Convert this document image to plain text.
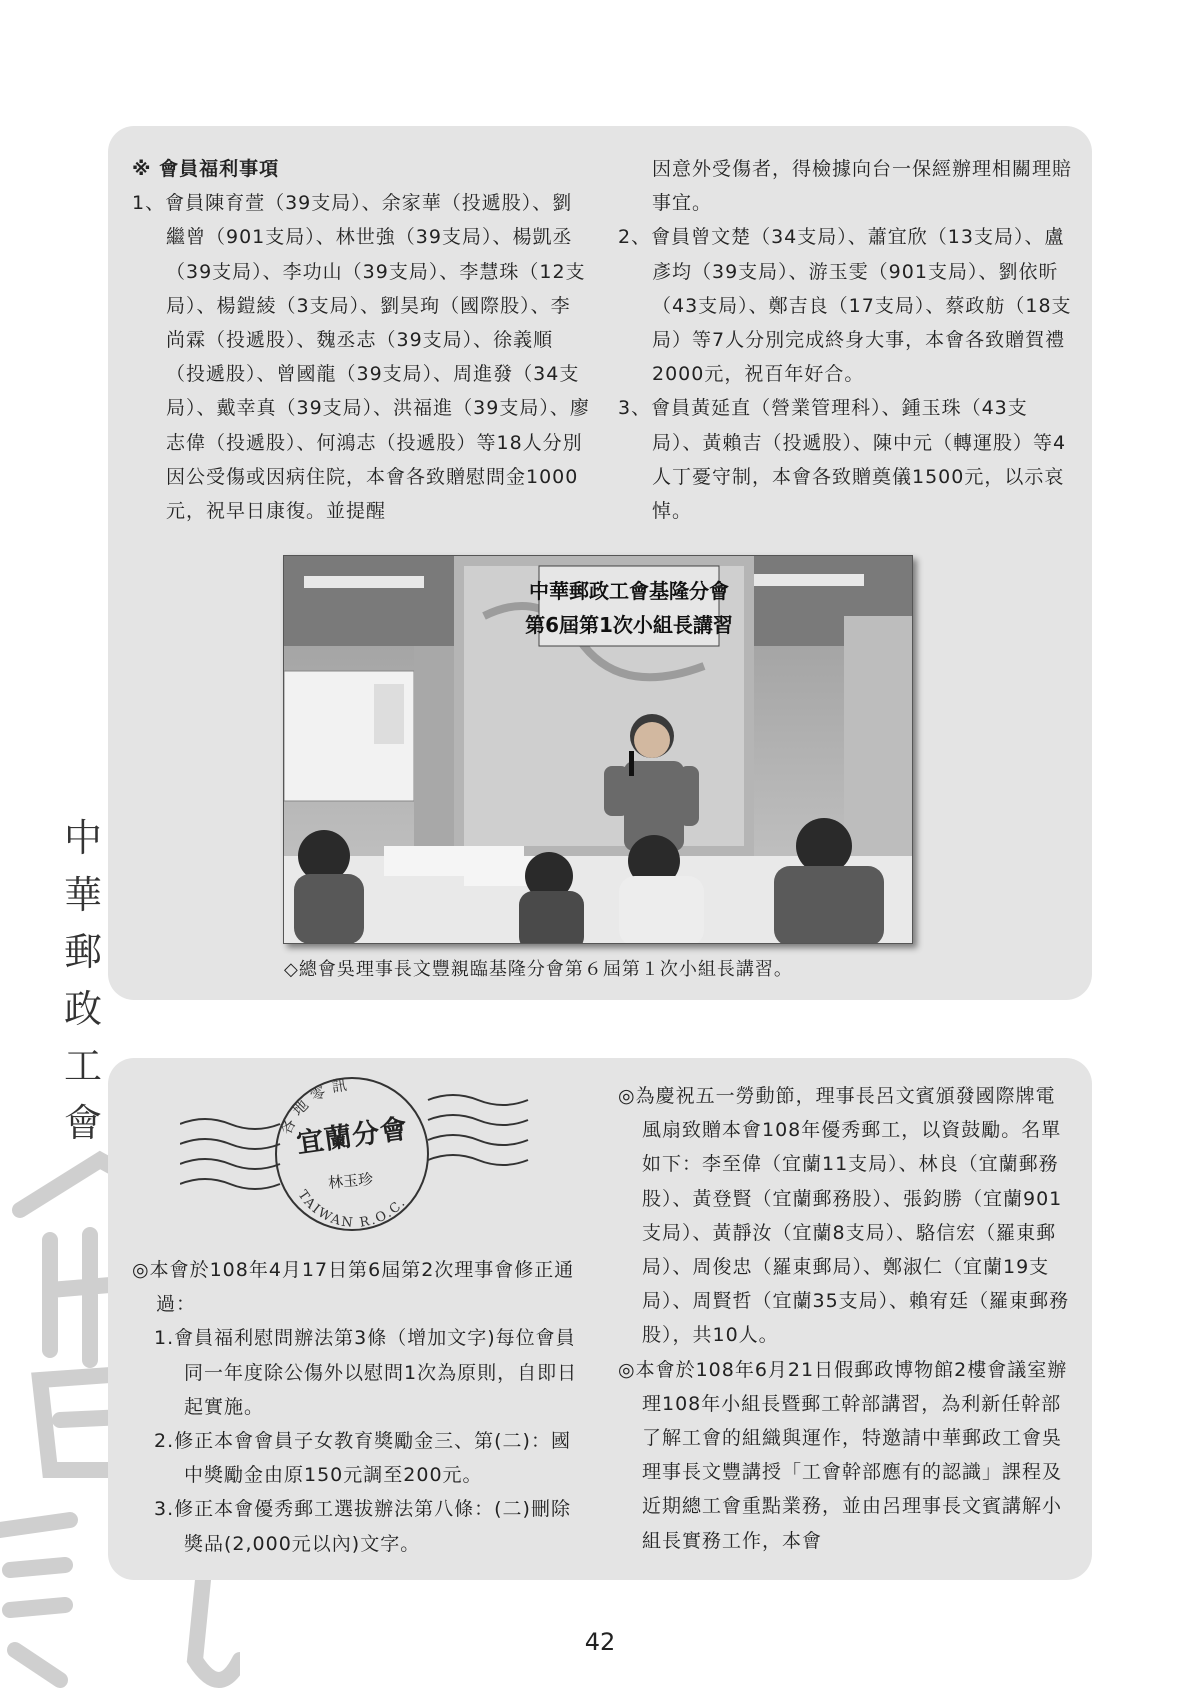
中
華
郵
政
工
會

※ 會員福利事項

1、會員陳育萱（39支局）、余家華（投遞股）、劉繼曾（901支局）、林世強（39支局）、楊凱丞（39支局）、李功山（39支局）、李慧珠（12支局）、楊鎧綾（3支局）、劉昊珣（國際股）、李尚霖（投遞股）、魏丞志（39支局）、徐義順（投遞股）、曾國龍（39支局）、周進發（34支局）、戴幸真（39支局）、洪福進（39支局）、廖志偉（投遞股）、何鴻志（投遞股）等18人分別因公受傷或因病住院，本會各致贈慰問金1000元，祝早日康復。並提醒

因意外受傷者，得檢據向台一保經辦理相關理賠事宜。

2、會員曾文楚（34支局）、蕭宜欣（13支局）、盧彥均（39支局）、游玉雯（901支局）、劉依昕（43支局）、鄭吉良（17支局）、蔡政舫（18支局）等7人分別完成終身大事，本會各致贈賀禮2000元，祝百年好合。

3、會員黃延直（營業管理科）、鍾玉珠（43支局）、黃賴吉（投遞股）、陳中元（轉運股）等4人丁憂守制，本會各致贈奠儀1500元，以示哀悼。

中華郵政工會基隆分會
第6屆第1次小組長講習
◇總會吳理事長文豐親臨基隆分會第６屆第１次小組長講習。
各地零訊
TAIWAN R.O.C.
宜蘭分會
林玉珍

◎本會於108年4月17日第6屆第2次理事會修正通過：

1.會員福利慰問辦法第3條（增加文字)每位會員同一年度除公傷外以慰問1次為原則，自即日起實施。

2.修正本會會員子女教育獎勵金三、第(二)：國中獎勵金由原150元調至200元。

3.修正本會優秀郵工選拔辦法第八條：(二)刪除獎品(2,000元以內)文字。

◎為慶祝五一勞動節，理事長呂文賓頒發國際牌電風扇致贈本會108年優秀郵工，以資鼓勵。名單如下：李至偉（宜蘭11支局）、林良（宜蘭郵務股）、黃登賢（宜蘭郵務股）、張鈞勝（宜蘭901支局）、黃靜汝（宜蘭8支局）、駱信宏（羅東郵局）、周俊忠（羅東郵局）、鄭淑仁（宜蘭19支局）、周賢哲（宜蘭35支局）、賴宥廷（羅東郵務股），共10人。

◎本會於108年6月21日假郵政博物館2樓會議室辦理108年小組長暨郵工幹部講習，為利新任幹部了解工會的組織與運作，特邀請中華郵政工會吳理事長文豐講授「工會幹部應有的認識」課程及近期總工會重點業務，並由呂理事長文賓講解小組長實務工作，本會

42
